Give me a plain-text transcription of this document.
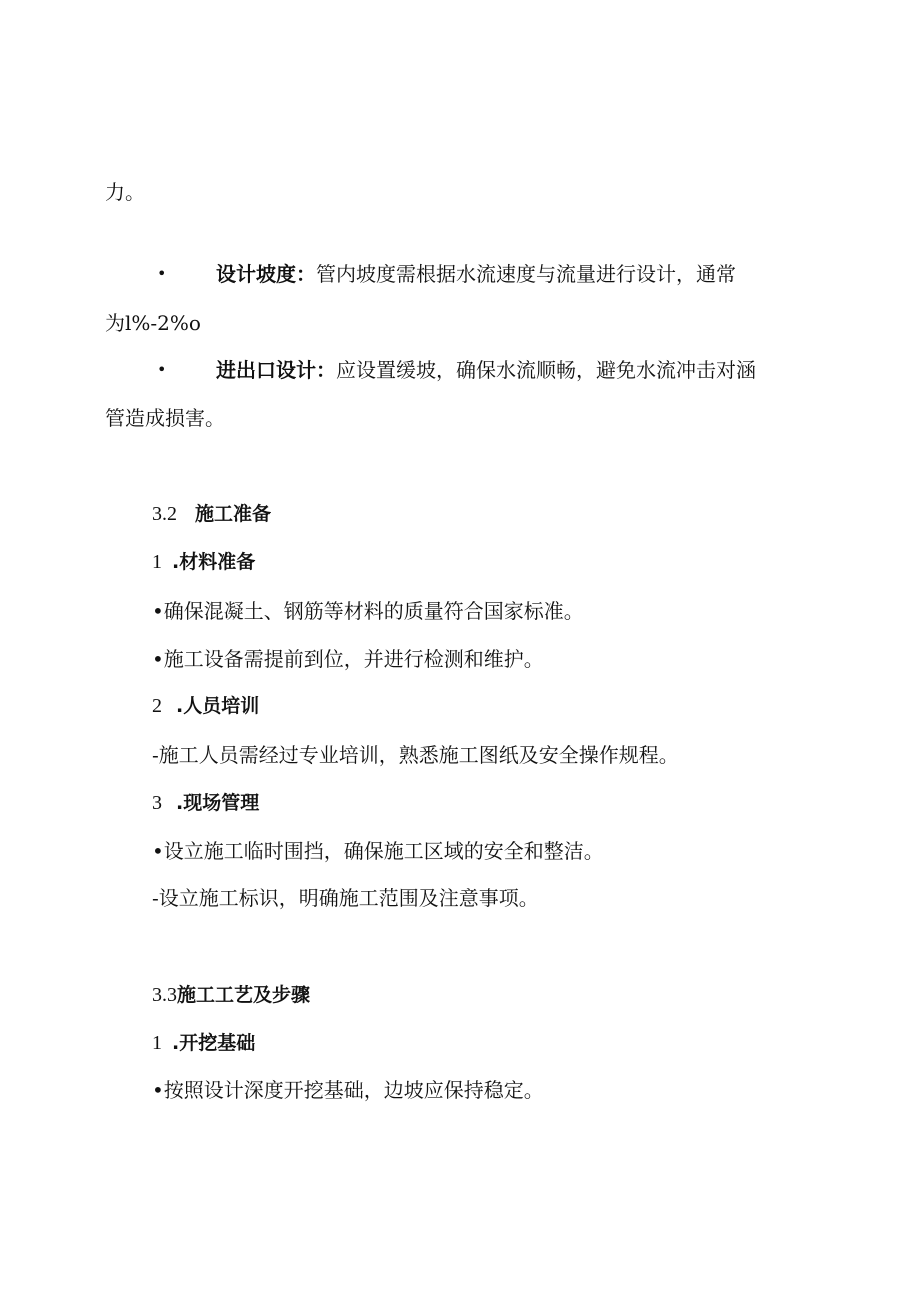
力。
• 设计坡度：管内坡度需根据水流速度与流量进行设计，通常
为l%-2%o
• 进出口设计：应设置缓坡，确保水流顺畅，避免水流冲击对涵
管造成损害。
3.2 施工准备
1 .材料准备
•确保混凝土、钢筋等材料的质量符合国家标准。
•施工设备需提前到位，并进行检测和维护。
2 .人员培训
-施工人员需经过专业培训，熟悉施工图纸及安全操作规程。
3 .现场管理
•设立施工临时围挡，确保施工区域的安全和整洁。
-设立施工标识，明确施工范围及注意事项。
3.3施工工艺及步骤
1 .开挖基础
•按照设计深度开挖基础，边坡应保持稳定。
